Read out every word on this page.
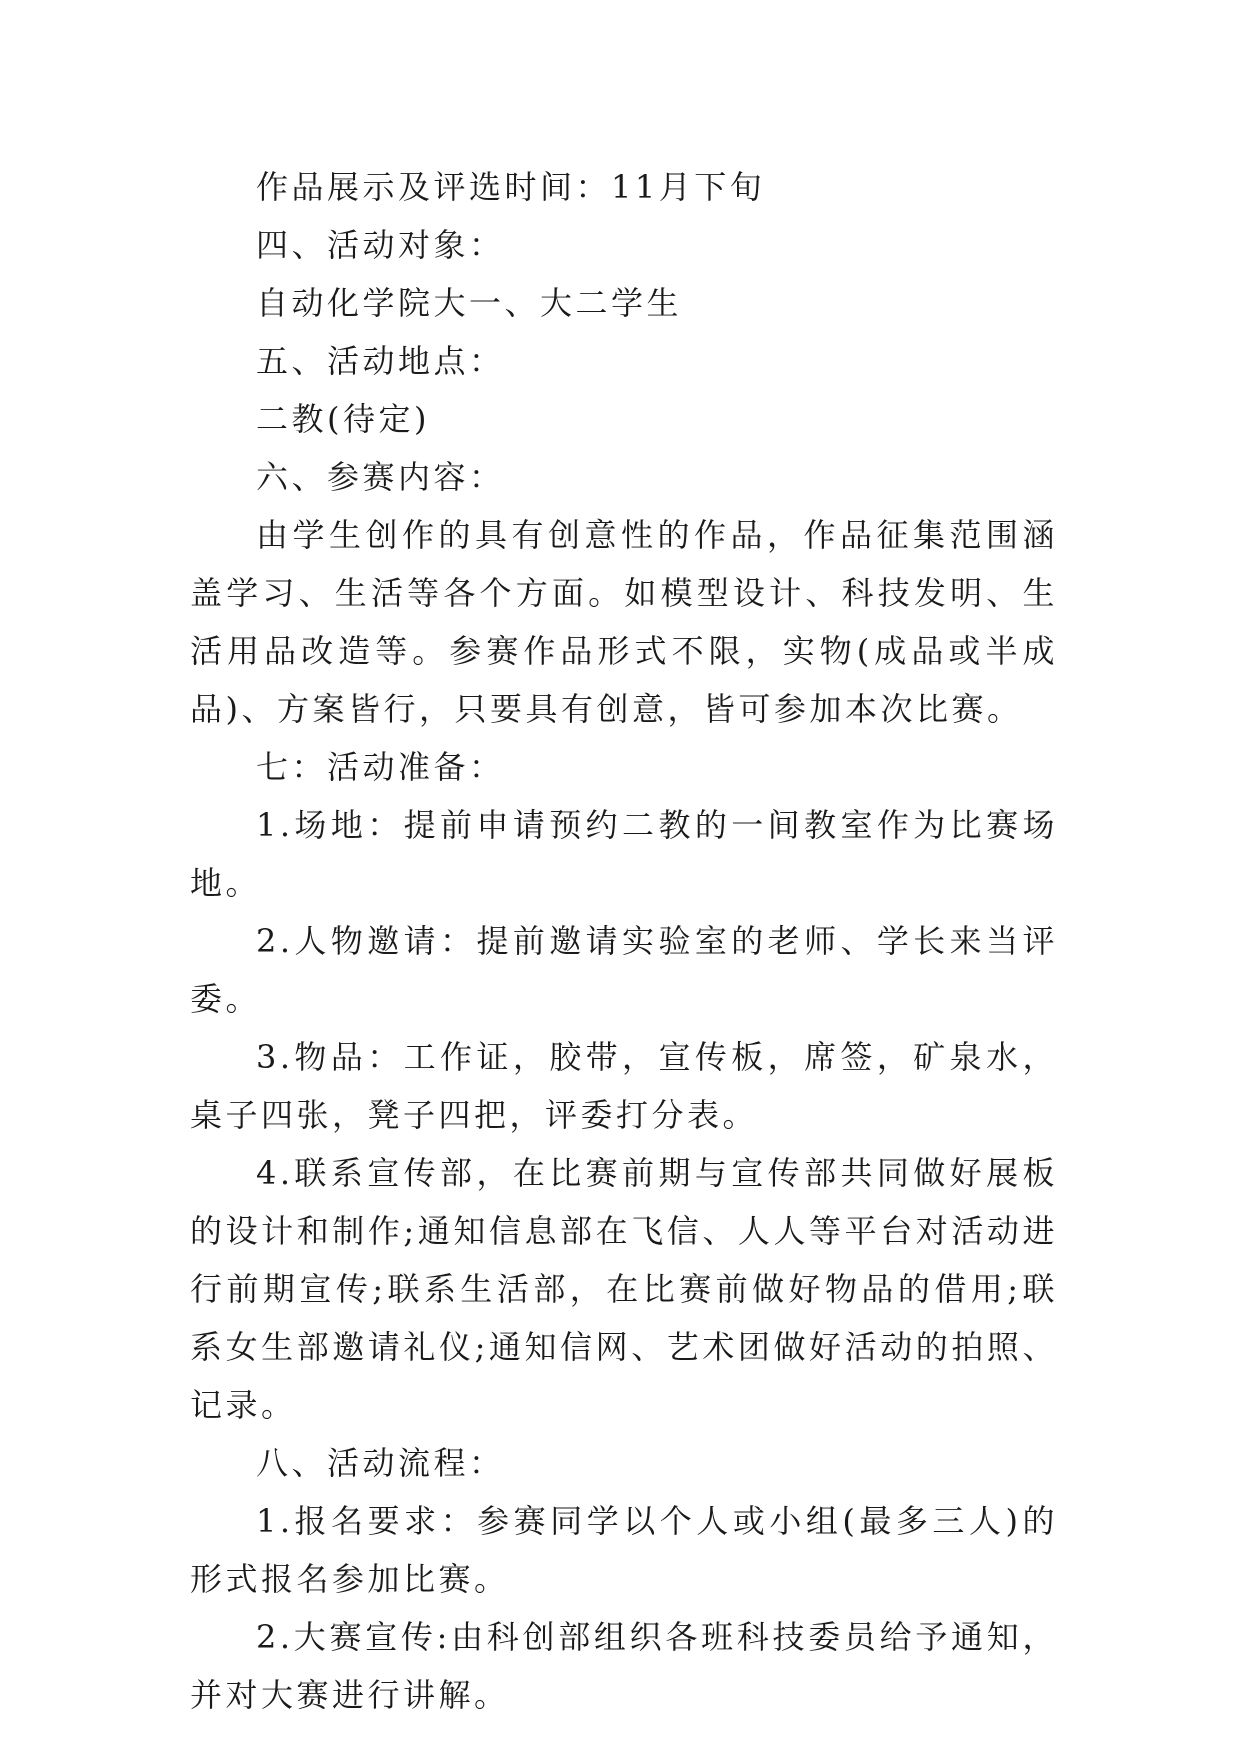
作品展示及评选时间：11月下旬

四、活动对象：

自动化学院大一、大二学生

五、活动地点：

二教(待定)

六、参赛内容：

由学生创作的具有创意性的作品，作品征集范围涵盖学习、生活等各个方面。如模型设计、科技发明、生活用品改造等。参赛作品形式不限，实物(成品或半成品)、方案皆行，只要具有创意，皆可参加本次比赛。

七：活动准备：

1.场地：提前申请预约二教的一间教室作为比赛场地。

2.人物邀请：提前邀请实验室的老师、学长来当评委。

3.物品：工作证，胶带，宣传板，席签，矿泉水，桌子四张，凳子四把，评委打分表。

4.联系宣传部，在比赛前期与宣传部共同做好展板的设计和制作;通知信息部在飞信、人人等平台对活动进行前期宣传;联系生活部，在比赛前做好物品的借用;联系女生部邀请礼仪;通知信网、艺术团做好活动的拍照、记录。

八、活动流程：

1.报名要求：参赛同学以个人或小组(最多三人)的形式报名参加比赛。

2.大赛宣传:由科创部组织各班科技委员给予通知，并对大赛进行讲解。
